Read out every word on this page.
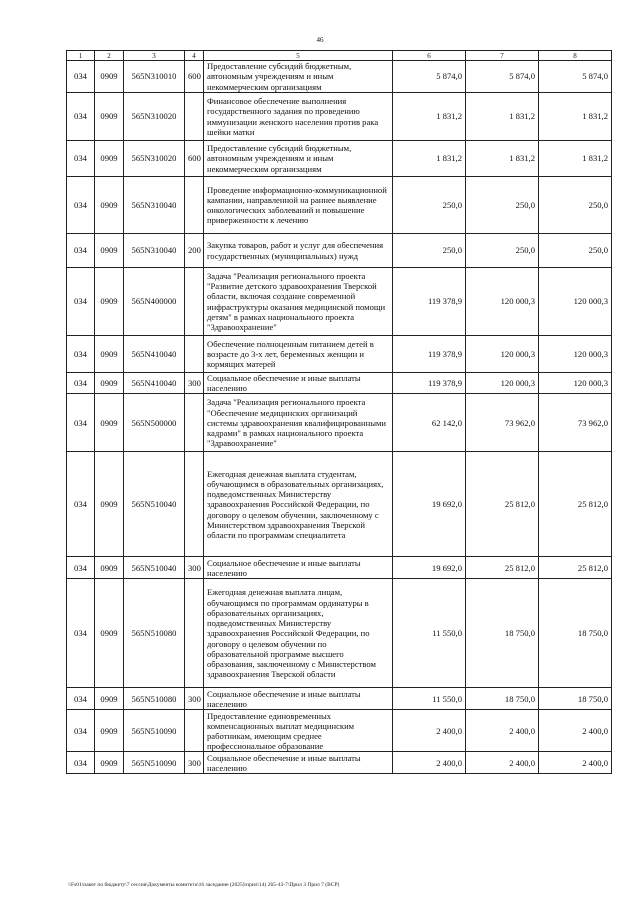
46
1	2	3	4	5	6	7	8
034	0909	565N310010	600	Предоставление субсидий бюджетным, автономным учреждениям и иным некоммерческим организациям	5 874,0	5 874,0	5 874,0
034	0909	565N310020		Финансовое обеспечение выполнения государственного задания по проведению иммунизации женского населения против рака шейки матки	1 831,2	1 831,2	1 831,2
034	0909	565N310020	600	Предоставление субсидий бюджетным, автономным учреждениям и иным некоммерческим организациям	1 831,2	1 831,2	1 831,2
034	0909	565N310040		Проведение информационно-коммуникационной кампании, направленной на раннее выявление онкологических заболеваний и повышение приверженности к лечению	250,0	250,0	250,0
034	0909	565N310040	200	Закупка товаров, работ и услуг для обеспечения государственных (муниципальных) нужд	250,0	250,0	250,0
034	0909	565N400000		Задача "Реализация регионального проекта "Развитие детского здравоохранения Тверской области, включая создание современной инфраструктуры оказания медицинской помощи детям" в рамках национального проекта "Здравоохранение"	119 378,9	120 000,3	120 000,3
034	0909	565N410040		Обеспечение полноценным питанием детей в возрасте до 3-х лет, беременных женщин и кормящих матерей	119 378,9	120 000,3	120 000,3
034	0909	565N410040	300	Социальное обеспечение и иные выплаты населению	119 378,9	120 000,3	120 000,3
034	0909	565N500000		Задача "Реализация регионального проекта "Обеспечение медицинских организаций системы здравоохранения квалифицированными кадрами" в рамках национального проекта "Здравоохранение"	62 142,0	73 962,0	73 962,0
034	0909	565N510040		Ежегодная денежная выплата студентам, обучающимся в образовательных организациях, подведомственных Министерству здравоохранения Российской Федерации, по договору о целевом обучении, заключенному с Министерством здравоохранения Тверской области по программам специалитета	19 692,0	25 812,0	25 812,0
034	0909	565N510040	300	Социальное обеспечение и иные выплаты населению	19 692,0	25 812,0	25 812,0
034	0909	565N510080		Ежегодная денежная выплата лицам, обучающимся по программам ординатуры в образовательных организациях, подведомственных Министерству здравоохранения Российской Федерации, по договору о целевом обучении по образовательной программе высшего образования, заключенному с Министерством здравоохранения Тверской области	11 550,0	18 750,0	18 750,0
034	0909	565N510080	300	Социальное обеспечение и иные выплаты населению	11 550,0	18 750,0	18 750,0
034	0909	565N510090		Предоставление единовременных компенсационных выплат медицинским работникам, имеющим среднее профессиональное образование	2 400,0	2 400,0	2 400,0
034	0909	565N510090	300	Социальное обеспечение и иные выплаты населению	2 400,0	2 400,0	2 400,0
\\Fs01\пакет по бюджету\7 сессия\Документы комитета\16 заседание (2025)\прил\14) 265-43-7\Прил 3 Прил 7 (ВСР)
